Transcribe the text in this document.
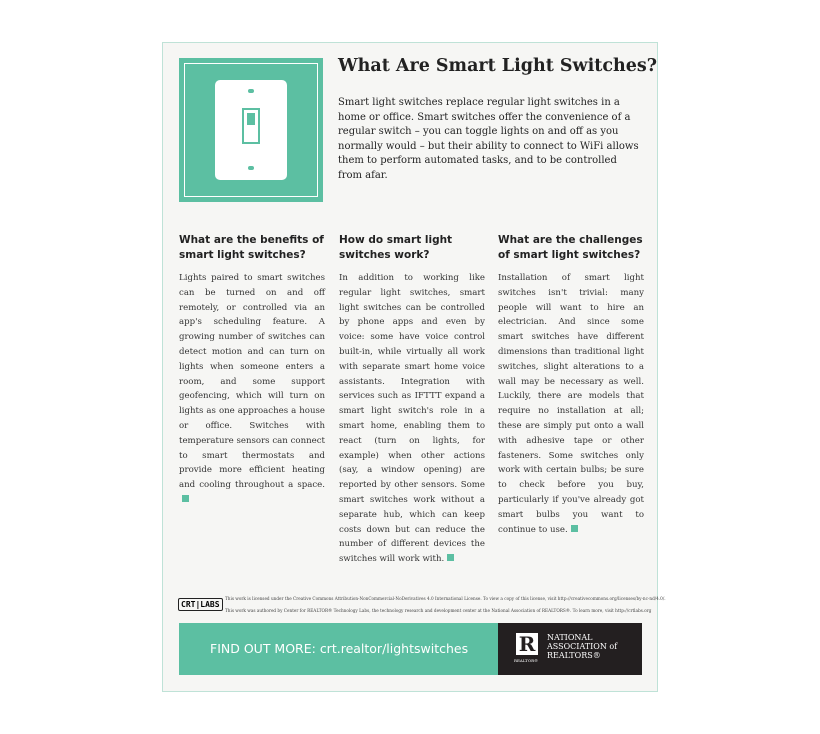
What Are Smart Light Switches?
Smart light switches replace regular light switches in a home or office. Smart switches offer the convenience of a regular switch – you can toggle lights on and off as you normally would – but their ability to connect to WiFi allows them to perform automated tasks, and to be controlled from afar.
What are the benefits of smart light switches?

Lights paired to smart switches can be turned on and off remotely, or controlled via an app's scheduling feature. A growing number of switches can detect motion and can turn on lights when someone enters a room, and some support geofencing, which will turn on lights as one approaches a house or office. Switches with temperature sensors can connect to smart thermostats and provide more efficient heating and cooling throughout a space.

How do smart light switches work?

In addition to working like regular light switches, smart light switches can be controlled by phone apps and even by voice: some have voice control built-in, while virtually all work with separate smart home voice assistants. Integration with services such as IFTTT expand a smart light switch's role in a smart home, enabling them to react (turn on lights, for example) when other actions (say, a window opening) are reported by other sensors. Some smart switches work without a separate hub, which can keep costs down but can reduce the number of different devices the switches will work with.

What are the challenges of smart light switches?

Installation of smart light switches isn't trivial: many people will want to hire an electrician. And since some smart switches have different dimensions than traditional light switches, slight alterations to a wall may be necessary as well. Luckily, there are models that require no installation at all; these are simply put onto a wall with adhesive tape or other fasteners. Some switches only work with certain bulbs; be sure to check before you buy, particularly if you've already got smart bulbs you want to continue to use.

CRT|LABS
This work is licensed under the Creative Commons Attribution-NonCommercial-NoDerivatives 4.0 International License. To view a copy of this license, visit http://creativecommons.org/licenses/by-nc-nd/4.0/.
This work was authored by Center for REALTOR® Technology Labs, the technology research and development center at the National Association of REALTORS®. To learn more, visit http://crtlabs.org
FIND OUT MORE: crt.realtor/lightswitches	R
REALTOR®
NATIONAL
ASSOCIATION of
REALTORS®
